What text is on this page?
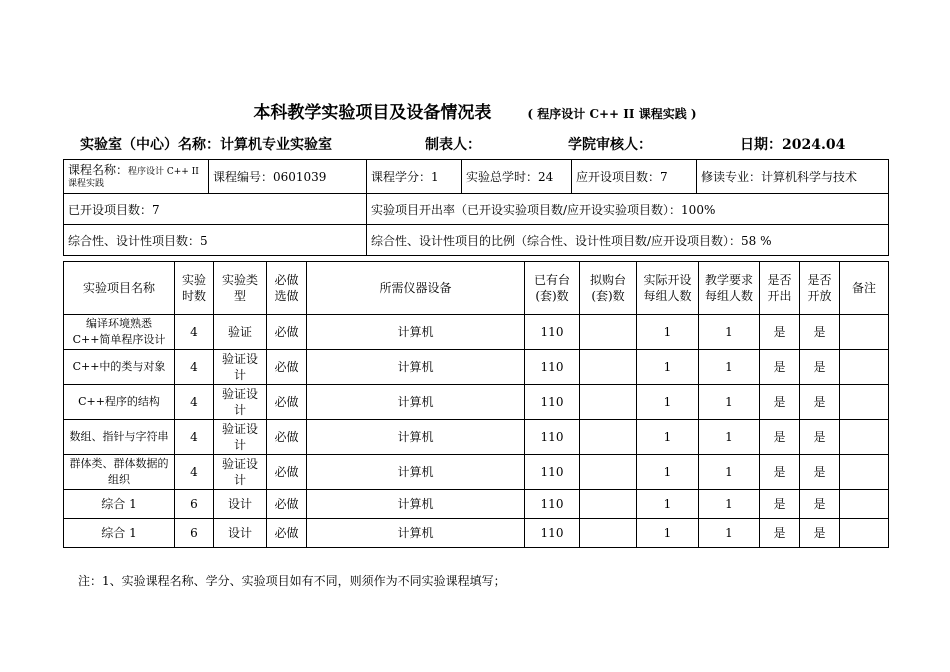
本科教学实验项目及设备情况表	( 程序设计 C++ II 课程实践 )
实验室（中心）名称：计算机专业实验室	制表人：	学院审核人：	日期：2024.04
课程名称：程序设计 C++ II 课程实践	课程编号：0601039	课程学分：1	实验总学时：24	应开设项目数：7	修读专业：计算机科学与技术
已开设项目数：7		实验项目开出率（已开设实验项目数/应开设实验项目数）：100%			
综合性、设计性项目数：5		综合性、设计性项目的比例（综合性、设计性项目数/应开设项目数）：58 %			
实验项目名称	实验时数	实验类型	必做选做	所需仪器设备	已有台(套)数	拟购台(套)数	实际开设每组人数	教学要求每组人数	是否开出	是否开放	备注
编译环境熟悉C++简单程序设计	4	验证	必做	计算机	110		1	1	是	是	
C++中的类与对象	4	验证设计	必做	计算机	110		1	1	是	是	
C++程序的结构	4	验证设计	必做	计算机	110		1	1	是	是	
数组、指针与字符串	4	验证设计	必做	计算机	110		1	1	是	是	
群体类、群体数据的组织	4	验证设计	必做	计算机	110		1	1	是	是	
综合 1	6	设计	必做	计算机	110		1	1	是	是	
综合 1	6	设计	必做	计算机	110		1	1	是	是	
注：1、实验课程名称、学分、实验项目如有不同，则须作为不同实验课程填写；
